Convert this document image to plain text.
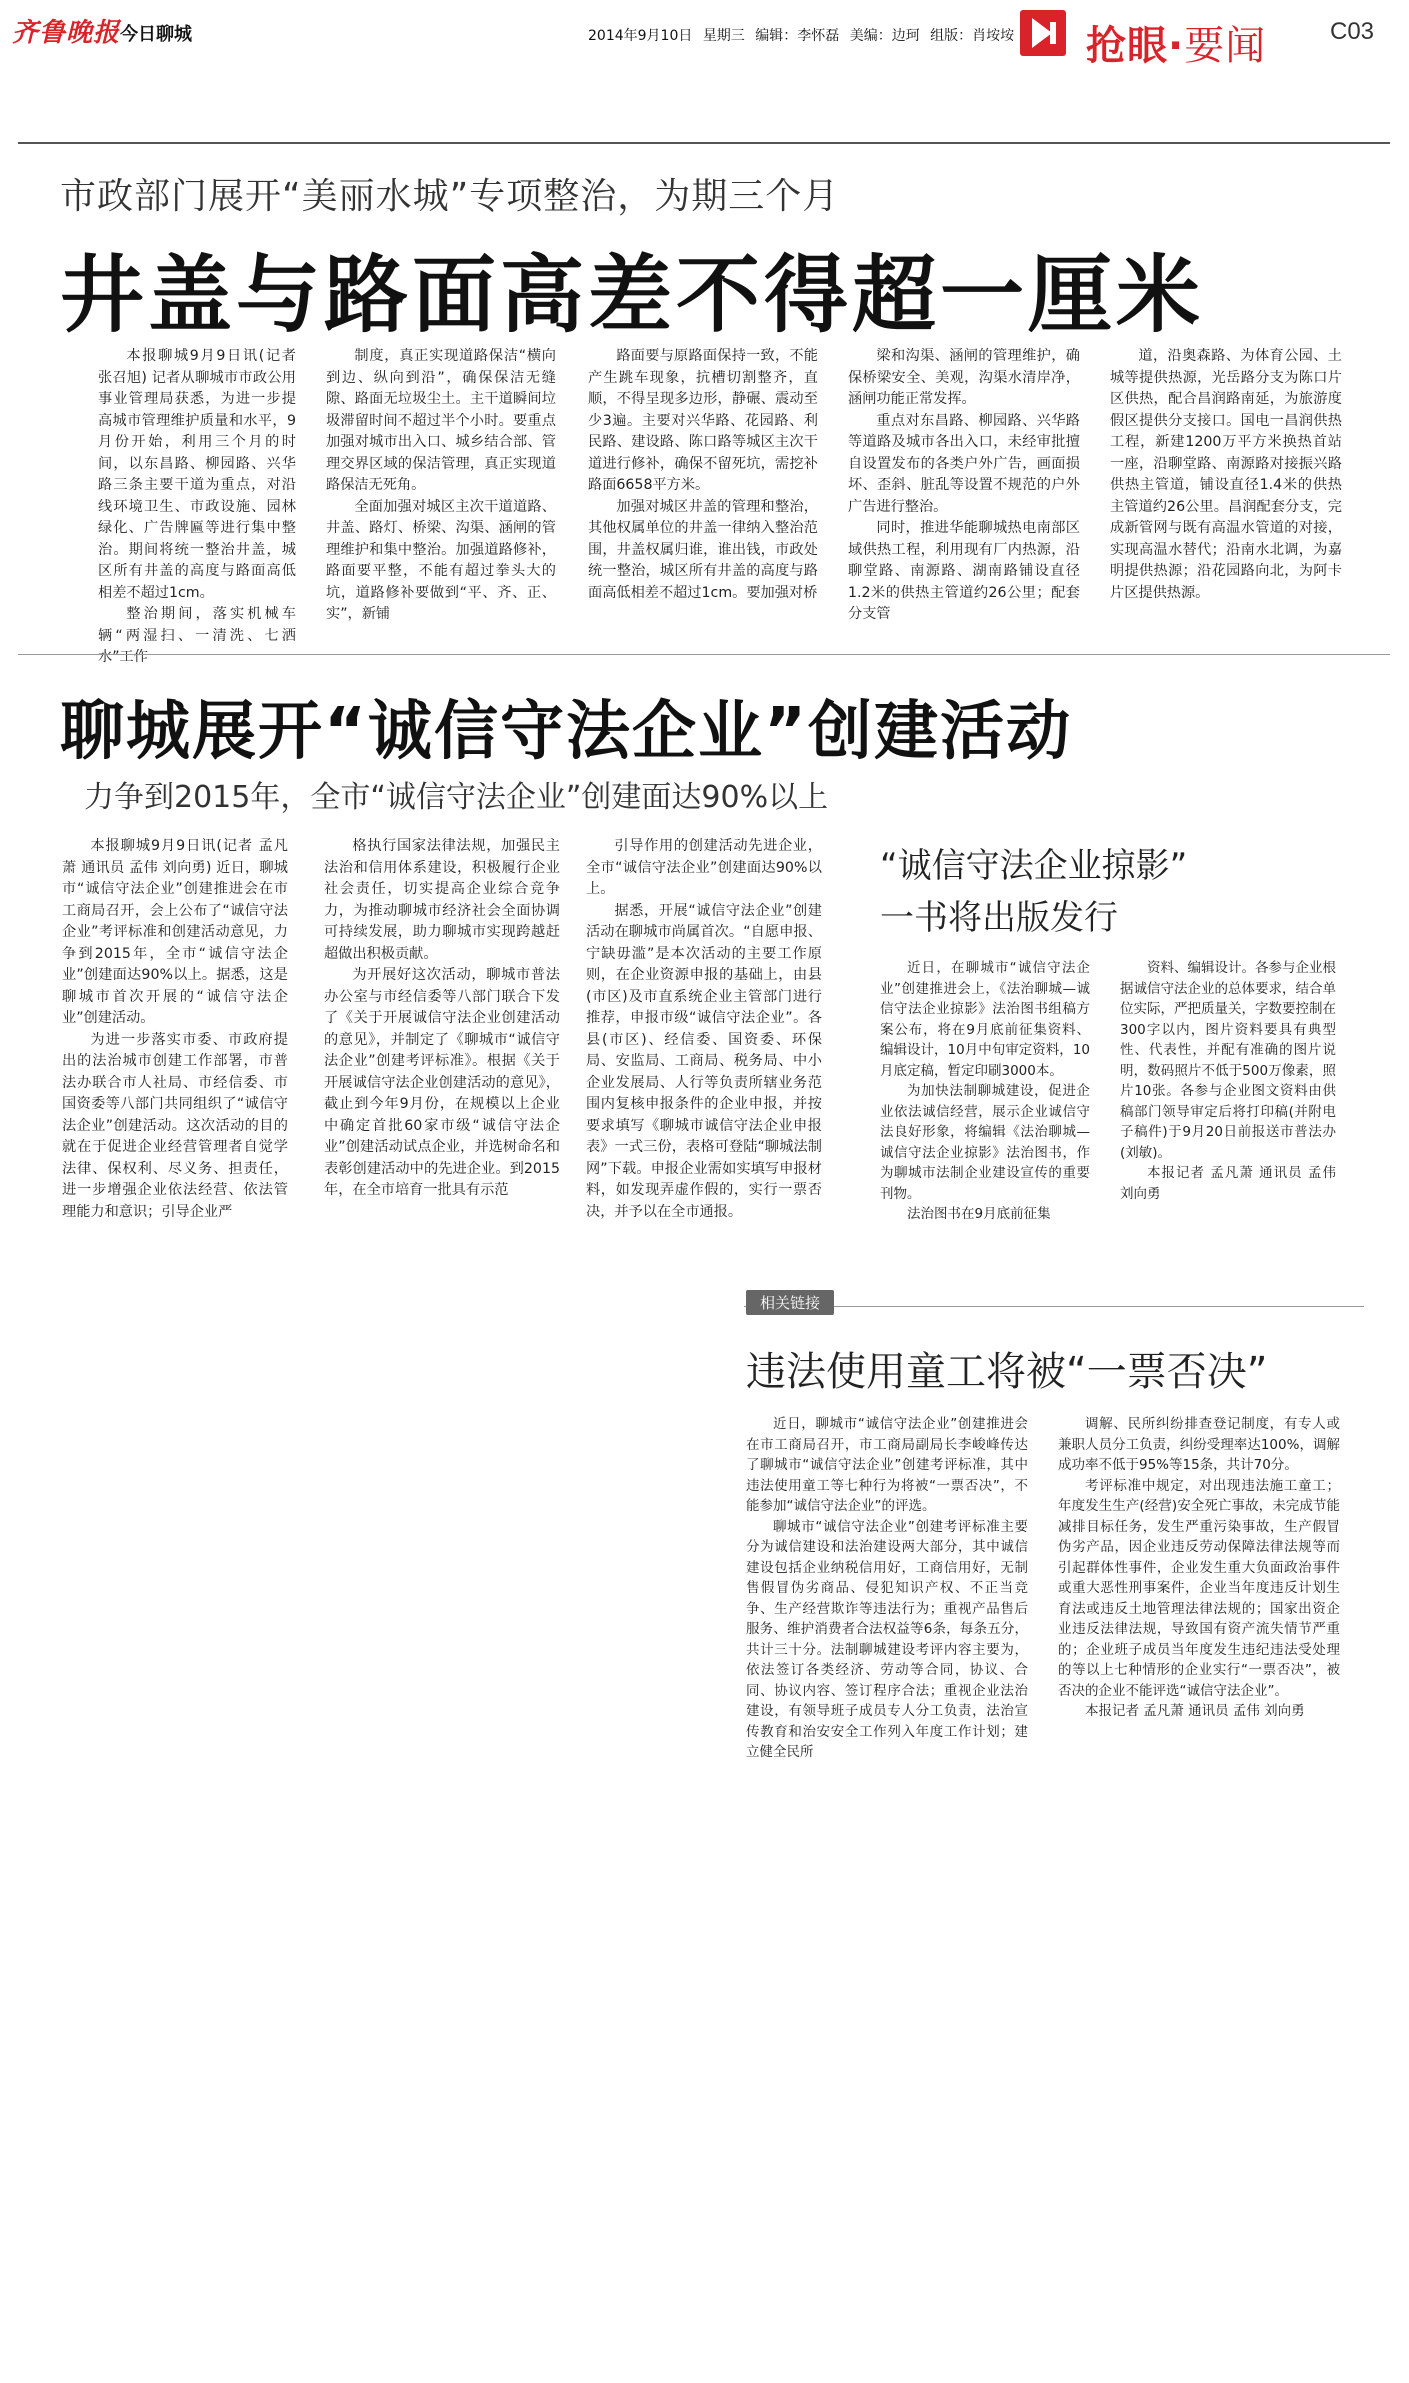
齐鲁晚报 今日聊城	2014年9月10日 星期三 编辑：李怀磊 美编：边珂 组版：肖垵垵 抢眼·要闻	C03
市政部门展开“美丽水城”专项整治，为期三个月
井盖与路面高差不得超一厘米

本报聊城9月9日讯(记者 张召旭) 记者从聊城市市政公用事业管理局获悉，为进一步提高城市管理维护质量和水平，9月份开始，利用三个月的时间，以东昌路、柳园路、兴华路三条主要干道为重点，对沿线环境卫生、市政设施、园林绿化、广告牌匾等进行集中整治。期间将统一整治井盖，城区所有井盖的高度与路面高低相差不超过1cm。

整治期间，落实机械车辆“两湿扫、一清洗、七洒水”工作

制度，真正实现道路保洁“横向到边、纵向到沿”，确保保洁无缝隙、路面无垃圾尘土。主干道瞬间垃圾滞留时间不超过半个小时。要重点加强对城市出入口、城乡结合部、管理交界区域的保洁管理，真正实现道路保洁无死角。

全面加强对城区主次干道道路、井盖、路灯、桥梁、沟渠、涵闸的管理维护和集中整治。加强道路修补，路面要平整，不能有超过拳头大的坑，道路修补要做到“平、齐、正、实”，新铺

路面要与原路面保持一致，不能产生跳车现象，抗槽切割整齐，直顺，不得呈现多边形，静碾、震动至少3遍。主要对兴华路、花园路、利民路、建设路、陈口路等城区主次干道进行修补，确保不留死坑，需挖补路面6658平方米。

加强对城区井盖的管理和整治，其他权属单位的井盖一律纳入整治范围，井盖权属归谁，谁出钱，市政处统一整治，城区所有井盖的高度与路面高低相差不超过1cm。要加强对桥

梁和沟渠、涵闸的管理维护，确保桥梁安全、美观，沟渠水清岸净，涵闸功能正常发挥。

重点对东昌路、柳园路、兴华路等道路及城市各出入口，未经审批擅自设置发布的各类户外广告，画面损坏、歪斜、脏乱等设置不规范的户外广告进行整治。

同时，推进华能聊城热电南部区域供热工程，利用现有厂内热源，沿聊堂路、南源路、湖南路铺设直径1.2米的供热主管道约26公里；配套分支管

道，沿奥森路、为体育公园、土城等提供热源，光岳路分支为陈口片区供热，配合昌润路南延，为旅游度假区提供分支接口。国电一昌润供热工程，新建1200万平方米换热首站一座，沿聊堂路、南源路对接振兴路供热主管道，铺设直径1.4米的供热主管道约26公里。昌润配套分支，完成新管网与既有高温水管道的对接，实现高温水替代；沿南水北调，为嘉明提供热源；沿花园路向北，为阿卡片区提供热源。

聊城展开“诚信守法企业”创建活动
力争到2015年，全市“诚信守法企业”创建面达90%以上

本报聊城9月9日讯(记者 孟凡萧 通讯员 孟伟 刘向勇) 近日，聊城市“诚信守法企业”创建推进会在市工商局召开，会上公布了“诚信守法企业”考评标准和创建活动意见，力争到2015年，全市“诚信守法企业”创建面达90%以上。据悉，这是聊城市首次开展的“诚信守法企业”创建活动。

为进一步落实市委、市政府提出的法治城市创建工作部署，市普法办联合市人社局、市经信委、市国资委等八部门共同组织了“诚信守法企业”创建活动。这次活动的目的就在于促进企业经营管理者自觉学法律、保权利、尽义务、担责任，进一步增强企业依法经营、依法管理能力和意识；引导企业严

格执行国家法律法规，加强民主法治和信用体系建设，积极履行企业社会责任，切实提高企业综合竞争力，为推动聊城市经济社会全面协调可持续发展，助力聊城市实现跨越赶超做出积极贡献。

为开展好这次活动，聊城市普法办公室与市经信委等八部门联合下发了《关于开展诚信守法企业创建活动的意见》，并制定了《聊城市“诚信守法企业”创建考评标准》。根据《关于开展诚信守法企业创建活动的意见》，截止到今年9月份，在规模以上企业中确定首批60家市级“诚信守法企业”创建活动试点企业，并选树命名和表彰创建活动中的先进企业。到2015年，在全市培育一批具有示范

引导作用的创建活动先进企业，全市“诚信守法企业”创建面达90%以上。

据悉，开展“诚信守法企业”创建活动在聊城市尚属首次。“自愿申报、宁缺毋滥”是本次活动的主要工作原则，在企业资源申报的基础上，由县(市区)及市直系统企业主管部门进行推荐，申报市级“诚信守法企业”。各县(市区)、经信委、国资委、环保局、安监局、工商局、税务局、中小企业发展局、人行等负责所辖业务范围内复核申报条件的企业申报，并按要求填写《聊城市诚信守法企业申报表》一式三份，表格可登陆“聊城法制网”下载。申报企业需如实填写申报材料，如发现弄虚作假的，实行一票否决，并予以在全市通报。

“诚信守法企业掠影”
一书将出版发行

近日，在聊城市“诚信守法企业”创建推进会上，《法治聊城—诚信守法企业掠影》法治图书组稿方案公布，将在9月底前征集资料、编辑设计，10月中旬审定资料，10月底定稿，暂定印刷3000本。

为加快法制聊城建设，促进企业依法诚信经营，展示企业诚信守法良好形象，将编辑《法治聊城—诚信守法企业掠影》法治图书，作为聊城市法制企业建设宣传的重要刊物。

法治图书在9月底前征集

资料、编辑设计。各参与企业根据诚信守法企业的总体要求，结合单位实际，严把质量关，字数要控制在300字以内，图片资料要具有典型性、代表性，并配有准确的图片说明，数码照片不低于500万像素，照片10张。各参与企业图文资料由供稿部门领导审定后将打印稿(并附电子稿件)于9月20日前报送市普法办(刘敏)。

本报记者 孟凡萧 通讯员 孟伟 刘向勇

相关链接
违法使用童工将被“一票否决”

近日，聊城市“诚信守法企业”创建推进会在市工商局召开，市工商局副局长李峻峰传达了聊城市“诚信守法企业”创建考评标准，其中违法使用童工等七种行为将被“一票否决”，不能参加“诚信守法企业”的评选。

聊城市“诚信守法企业”创建考评标准主要分为诚信建设和法治建设两大部分，其中诚信建设包括企业纳税信用好，工商信用好，无制售假冒伪劣商品、侵犯知识产权、不正当竞争、生产经营欺诈等违法行为；重视产品售后服务、维护消费者合法权益等6条，每条五分，共计三十分。法制聊城建设考评内容主要为，依法签订各类经济、劳动等合同，协议、合同、协议内容、签订程序合法；重视企业法治建设，有领导班子成员专人分工负责，法治宣传教育和治安安全工作列入年度工作计划；建立健全民所

调解、民所纠纷排查登记制度，有专人或兼职人员分工负责，纠纷受理率达100%，调解成功率不低于95%等15条，共计70分。

考评标准中规定，对出现违法施工童工；年度发生生产(经营)安全死亡事故，未完成节能减排目标任务，发生严重污染事故，生产假冒伪劣产品，因企业违反劳动保障法律法规等而引起群体性事件，企业发生重大负面政治事件或重大恶性刑事案件，企业当年度违反计划生育法或违反土地管理法律法规的；国家出资企业违反法律法规，导致国有资产流失情节严重的；企业班子成员当年度发生违纪违法受处理的等以上七种情形的企业实行“一票否决”，被否决的企业不能评选“诚信守法企业”。

本报记者 孟凡萧 通讯员 孟伟 刘向勇
